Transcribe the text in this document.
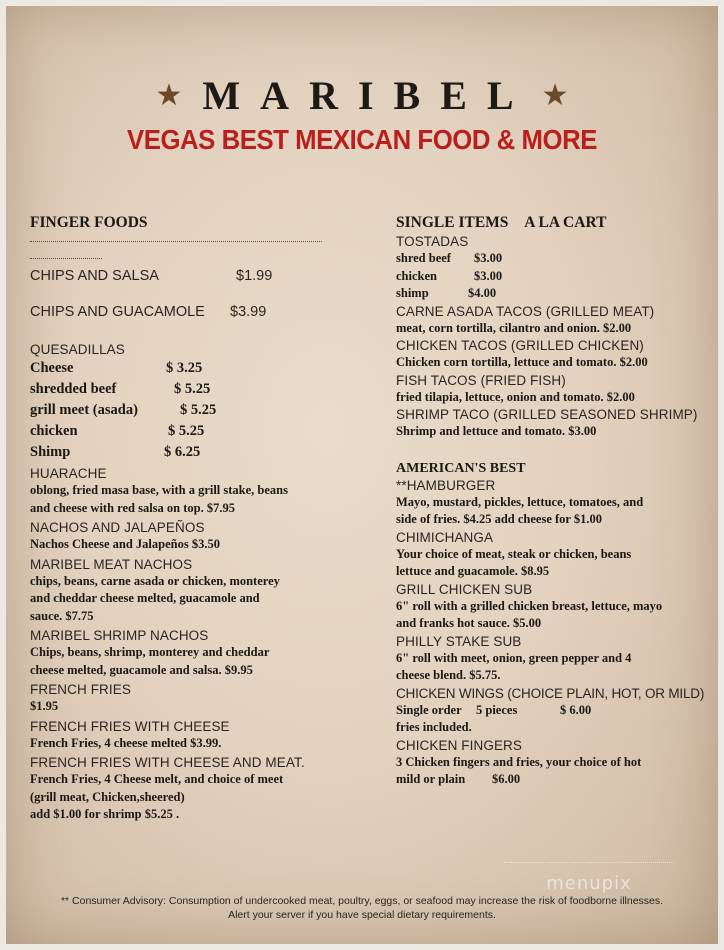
★ MARIBEL ★
VEGAS BEST MEXICAN FOOD & MORE
FINGER FOODS
CHIPS AND SALSA	$1.99
CHIPS AND GUACAMOLE	$3.99
QUESADILLAS
Cheese	$ 3.25
shredded beef	$ 5.25
grill meet (asada)	$ 5.25
chicken	$ 5.25
Shimp	$ 6.25
HUARACHE
oblong, fried masa base, with a grill stake, beans
and cheese with red salsa on top. $7.95
NACHOS AND JALAPEÑOS
Nachos Cheese and Jalapeños $3.50
MARIBEL MEAT NACHOS
chips, beans, carne asada or chicken, monterey
and cheddar cheese melted, guacamole and
sauce. $7.75
MARIBEL SHRIMP NACHOS
Chips, beans, shrimp, monterey and cheddar
cheese melted, guacamole and salsa. $9.95
FRENCH FRIES
$1.95
FRENCH FRIES WITH CHEESE
French Fries, 4 cheese melted $3.99.
FRENCH FRIES WITH CHEESE AND MEAT.
French Fries, 4 Cheese melt, and choice of meet
(grill meat, Chicken,sheered)
add $1.00 for shrimp $5.25 .
SINGLE ITEMS A LA CART
TOSTADAS
shred beef	$3.00
chicken	$3.00
shimp	$4.00
CARNE ASADA TACOS (GRILLED MEAT)
meat, corn tortilla, cilantro and onion. $2.00
CHICKEN TACOS (GRILLED CHICKEN)
Chicken corn tortilla, lettuce and tomato. $2.00
FISH TACOS (FRIED FISH)
fried tilapia, lettuce, onion and tomato. $2.00
SHRIMP TACO (GRILLED SEASONED SHRIMP)
Shrimp and lettuce and tomato. $3.00
AMERICAN'S BEST
**HAMBURGER
Mayo, mustard, pickles, lettuce, tomatoes, and
side of fries. $4.25 add cheese for $1.00
CHIMICHANGA
Your choice of meat, steak or chicken, beans
lettuce and guacamole. $8.95
GRILL CHICKEN SUB
6" roll with a grilled chicken breast, lettuce, mayo
and franks hot sauce. $5.00
PHILLY STAKE SUB
6" roll with meet, onion, green pepper and 4
cheese blend. $5.75.
CHICKEN WINGS (CHOICE PLAIN, HOT, OR MILD)
Single order	5 pieces	$ 6.00
fries included.
CHICKEN FINGERS
3 Chicken fingers and fries, your choice of hot
mild or plain	$6.00
menupix
** Consumer Advisory: Consumption of undercooked meat, poultry, eggs, or seafood may increase the risk of foodborne illnesses.
Alert your server if you have special dietary requirements.
